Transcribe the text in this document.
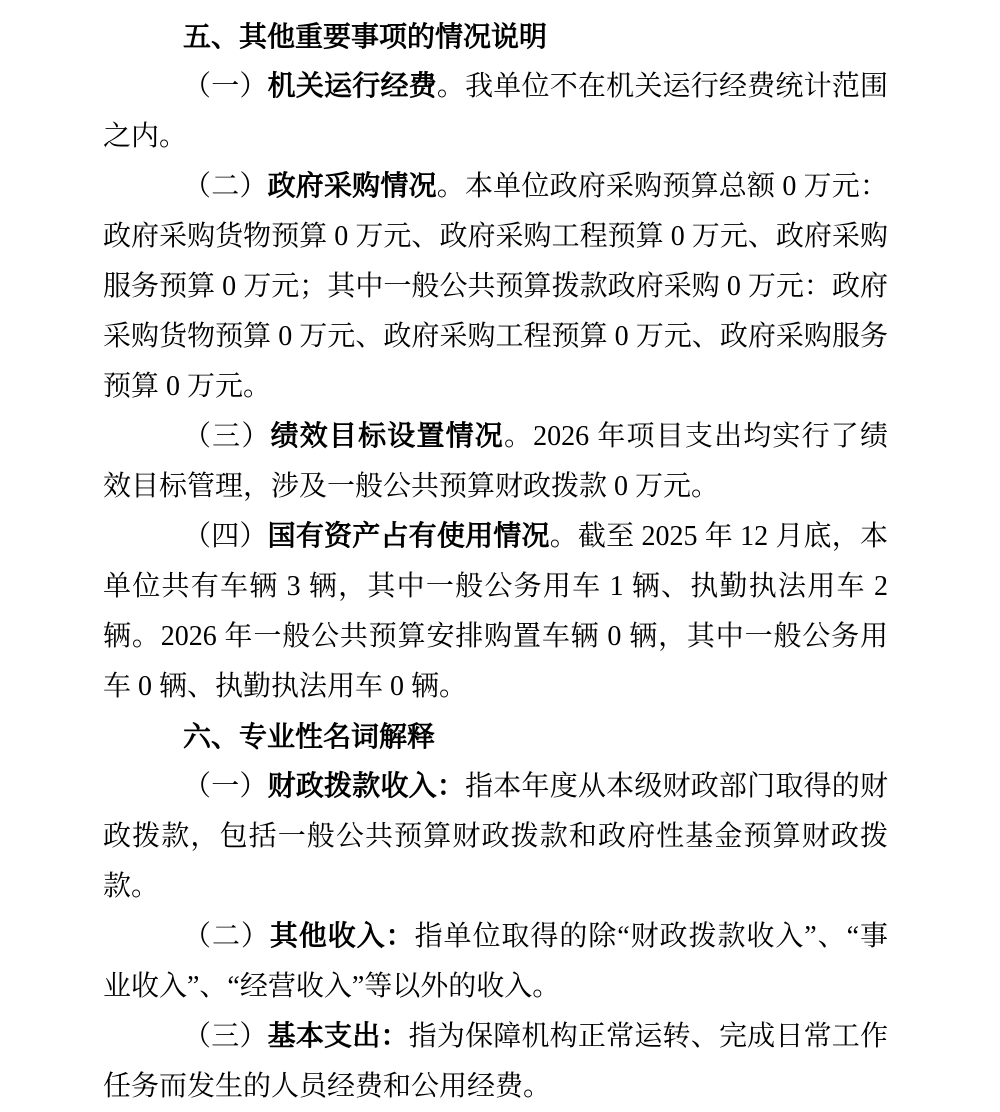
五、其他重要事项的情况说明

（一）机关运行经费。我单位不在机关运行经费统计范围之内。

（二）政府采购情况。本单位政府采购预算总额 0 万元：政府采购货物预算 0 万元、政府采购工程预算 0 万元、政府采购服务预算 0 万元；其中一般公共预算拨款政府采购 0 万元：政府采购货物预算 0 万元、政府采购工程预算 0 万元、政府采购服务预算 0 万元。

（三）绩效目标设置情况。2026 年项目支出均实行了绩效目标管理，涉及一般公共预算财政拨款 0 万元。

（四）国有资产占有使用情况。截至 2025 年 12 月底，本单位共有车辆 3 辆，其中一般公务用车 1 辆、执勤执法用车 2 辆。2026 年一般公共预算安排购置车辆 0 辆，其中一般公务用车 0 辆、执勤执法用车 0 辆。

六、专业性名词解释

（一）财政拨款收入：指本年度从本级财政部门取得的财政拨款，包括一般公共预算财政拨款和政府性基金预算财政拨款。

（二）其他收入：指单位取得的除“财政拨款收入”、“事业收入”、“经营收入”等以外的收入。

（三）基本支出：指为保障机构正常运转、完成日常工作任务而发生的人员经费和公用经费。
